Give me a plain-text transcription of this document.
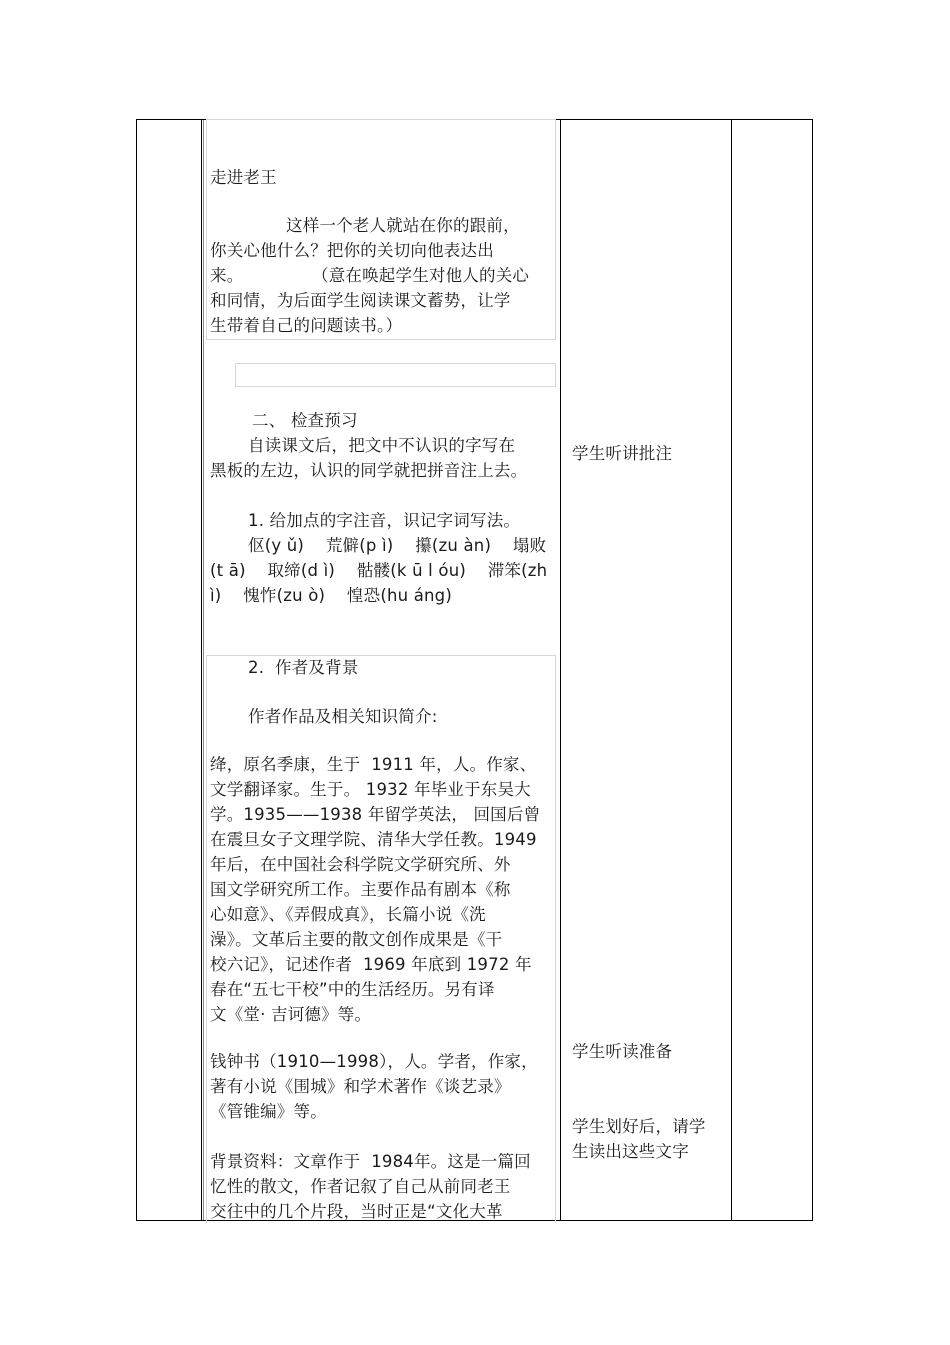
走进老王
这样一个老人就站在你的跟前，
你关心他什么？把你的关切向他表达出
来。	（意在唤起学生对他人的关心
和同情，为后面学生阅读课文蓄势，让学
生带着自己的问题读书。）
二、 检查预习
自读课文后，把文中不认识的字写在
黑板的左边，认识的同学就把拼音注上去。
1. 给加点的字注音，识记字词写法。
伛(y ǔ)    荒僻(p ì)    攥(zu àn)    塌败
(t ā)    取缔(d ì)    骷髅(k ū l óu)    滞笨(zh
ì)    愧怍(zu ò)    惶恐(hu áng)
2.  作者及背景
作者作品及相关知识简介:
绛，原名季康，生于  1911 年，人。作家、
文学翻译家。生于。 1932 年毕业于东吴大
学。1935——1938 年留学英法， 回国后曾
在震旦女子文理学院、清华大学任教。1949
年后，在中国社会科学院文学研究所、外
国文学研究所工作。主要作品有剧本《称
心如意》、《弄假成真》，长篇小说《洗
澡》。文革后主要的散文创作成果是《干
校六记》，记述作者  1969 年底到 1972 年
春在“五七干校”中的生活经历。另有译
文《堂· 吉诃德》等。
钱钟书（1910—1998），人。学者，作家，
著有小说《围城》和学术著作《谈艺录》
《管锥编》等。
背景资料：文章作于  1984年。这是一篇回
忆性的散文，作者记叙了自己从前同老王
交往中的几个片段，当时正是“文化大革
学生听讲批注
学生听读准备
学生划好后，请学
生读出这些文字
